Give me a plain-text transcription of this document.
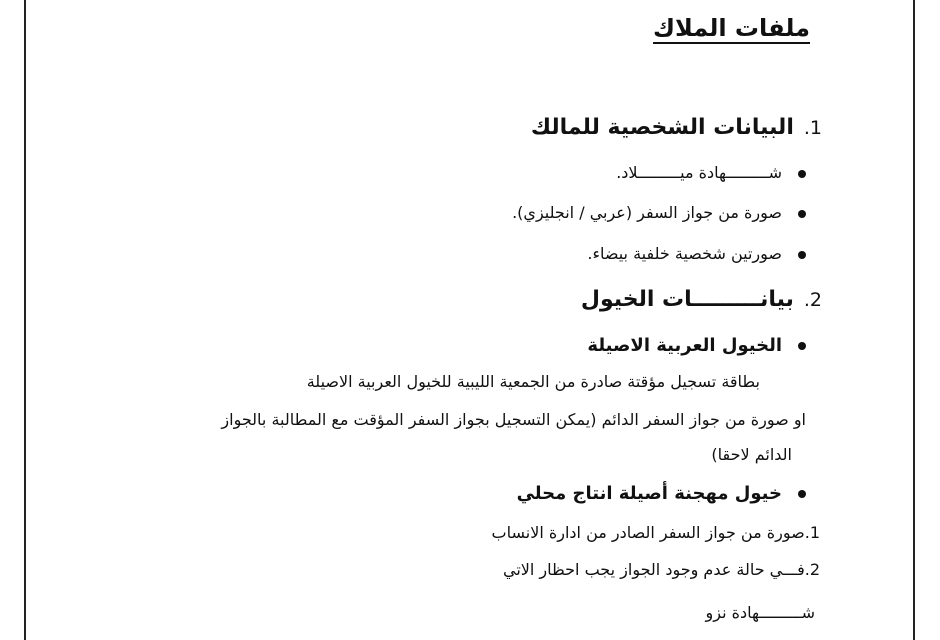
ملفات الملاك
1.البيانات الشخصية للمالك
شـــــــــهادة ميـــــــــلاد.
صورة من جواز السفر (عربي / انجليزي).
صورتين شخصية خلفية بيضاء.
2.بيانـــــــــات الخيول
الخيول العربية الاصيلة
بطاقة تسجيل مؤقتة صادرة من الجمعية الليبية للخيول العربية الاصيلة
او صورة من جواز السفر الدائم (يمكن التسجيل بجواز السفر المؤقت مع المطالبة بالجواز
الدائم لاحقا)
خيول مهجنة أصيلة انتاج محلي
1.صورة من جواز السفر الصادر من ادارة الانساب
2.فـــي حالة عدم وجود الجواز يجب احظار الاتي
شـــــــــهادة نزو
